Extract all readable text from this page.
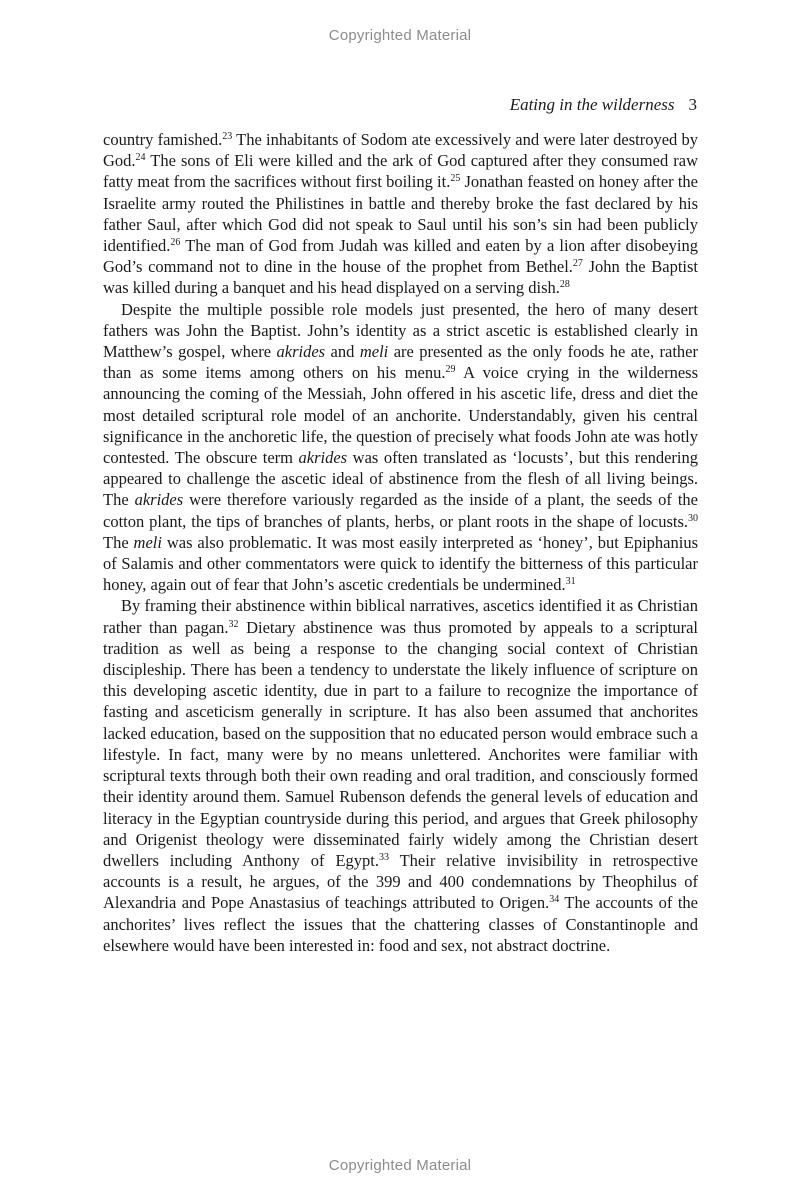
Copyrighted Material
Eating in the wilderness 3

country famished.$^{23}$ The inhabitants of Sodom ate excessively and were later destroyed by God.$^{24}$ The sons of Eli were killed and the ark of God captured after they consumed raw fatty meat from the sacrifices without first boiling it.$^{25}$ Jonathan feasted on honey after the Israelite army routed the Philistines in battle and thereby broke the fast declared by his father Saul, after which God did not speak to Saul until his son’s sin had been publicly identified.$^{26}$ The man of God from Judah was killed and eaten by a lion after disobeying God’s command not to dine in the house of the prophet from Bethel.$^{27}$ John the Baptist was killed during a banquet and his head displayed on a serving dish.$^{28}$

Despite the multiple possible role models just presented, the hero of many desert fathers was John the Baptist. John’s identity as a strict ascetic is established clearly in Matthew’s gospel, where akrides and meli are presented as the only foods he ate, rather than as some items among others on his menu.$^{29}$ A voice crying in the wilderness announcing the coming of the Messiah, John offered in his ascetic life, dress and diet the most detailed scriptural role model of an anchorite. Understandably, given his central significance in the anchoretic life, the question of precisely what foods John ate was hotly contested. The obscure term akrides was often translated as ‘locusts’, but this rendering appeared to challenge the ascetic ideal of abstinence from the flesh of all living beings. The akrides were therefore variously regarded as the inside of a plant, the seeds of the cotton plant, the tips of branches of plants, herbs, or plant roots in the shape of locusts.$^{30}$ The meli was also problematic. It was most easily interpreted as ‘honey’, but Epiphanius of Salamis and other commentators were quick to identify the bitterness of this particular honey, again out of fear that John’s ascetic credentials be undermined.$^{31}$

By framing their abstinence within biblical narratives, ascetics identified it as Christian rather than pagan.$^{32}$ Dietary abstinence was thus promoted by appeals to a scriptural tradition as well as being a response to the changing social context of Christian discipleship. There has been a tendency to understate the likely influence of scripture on this developing ascetic identity, due in part to a failure to recognize the importance of fasting and asceticism generally in scripture. It has also been assumed that anchorites lacked education, based on the supposition that no educated person would embrace such a lifestyle. In fact, many were by no means unlettered. Anchorites were familiar with scriptural texts through both their own reading and oral tradition, and consciously formed their identity around them. Samuel Rubenson defends the general levels of education and literacy in the Egyptian countryside during this period, and argues that Greek philosophy and Origenist theology were disseminated fairly widely among the Christian desert dwellers including Anthony of Egypt.$^{33}$ Their relative invisibility in retrospective accounts is a result, he argues, of the 399 and 400 condemnations by Theophilus of Alexandria and Pope Anastasius of teachings attributed to Origen.$^{34}$ The accounts of the anchorites’ lives reflect the issues that the chattering classes of Constantinople and elsewhere would have been interested in: food and sex, not abstract doctrine.

Copyrighted Material
